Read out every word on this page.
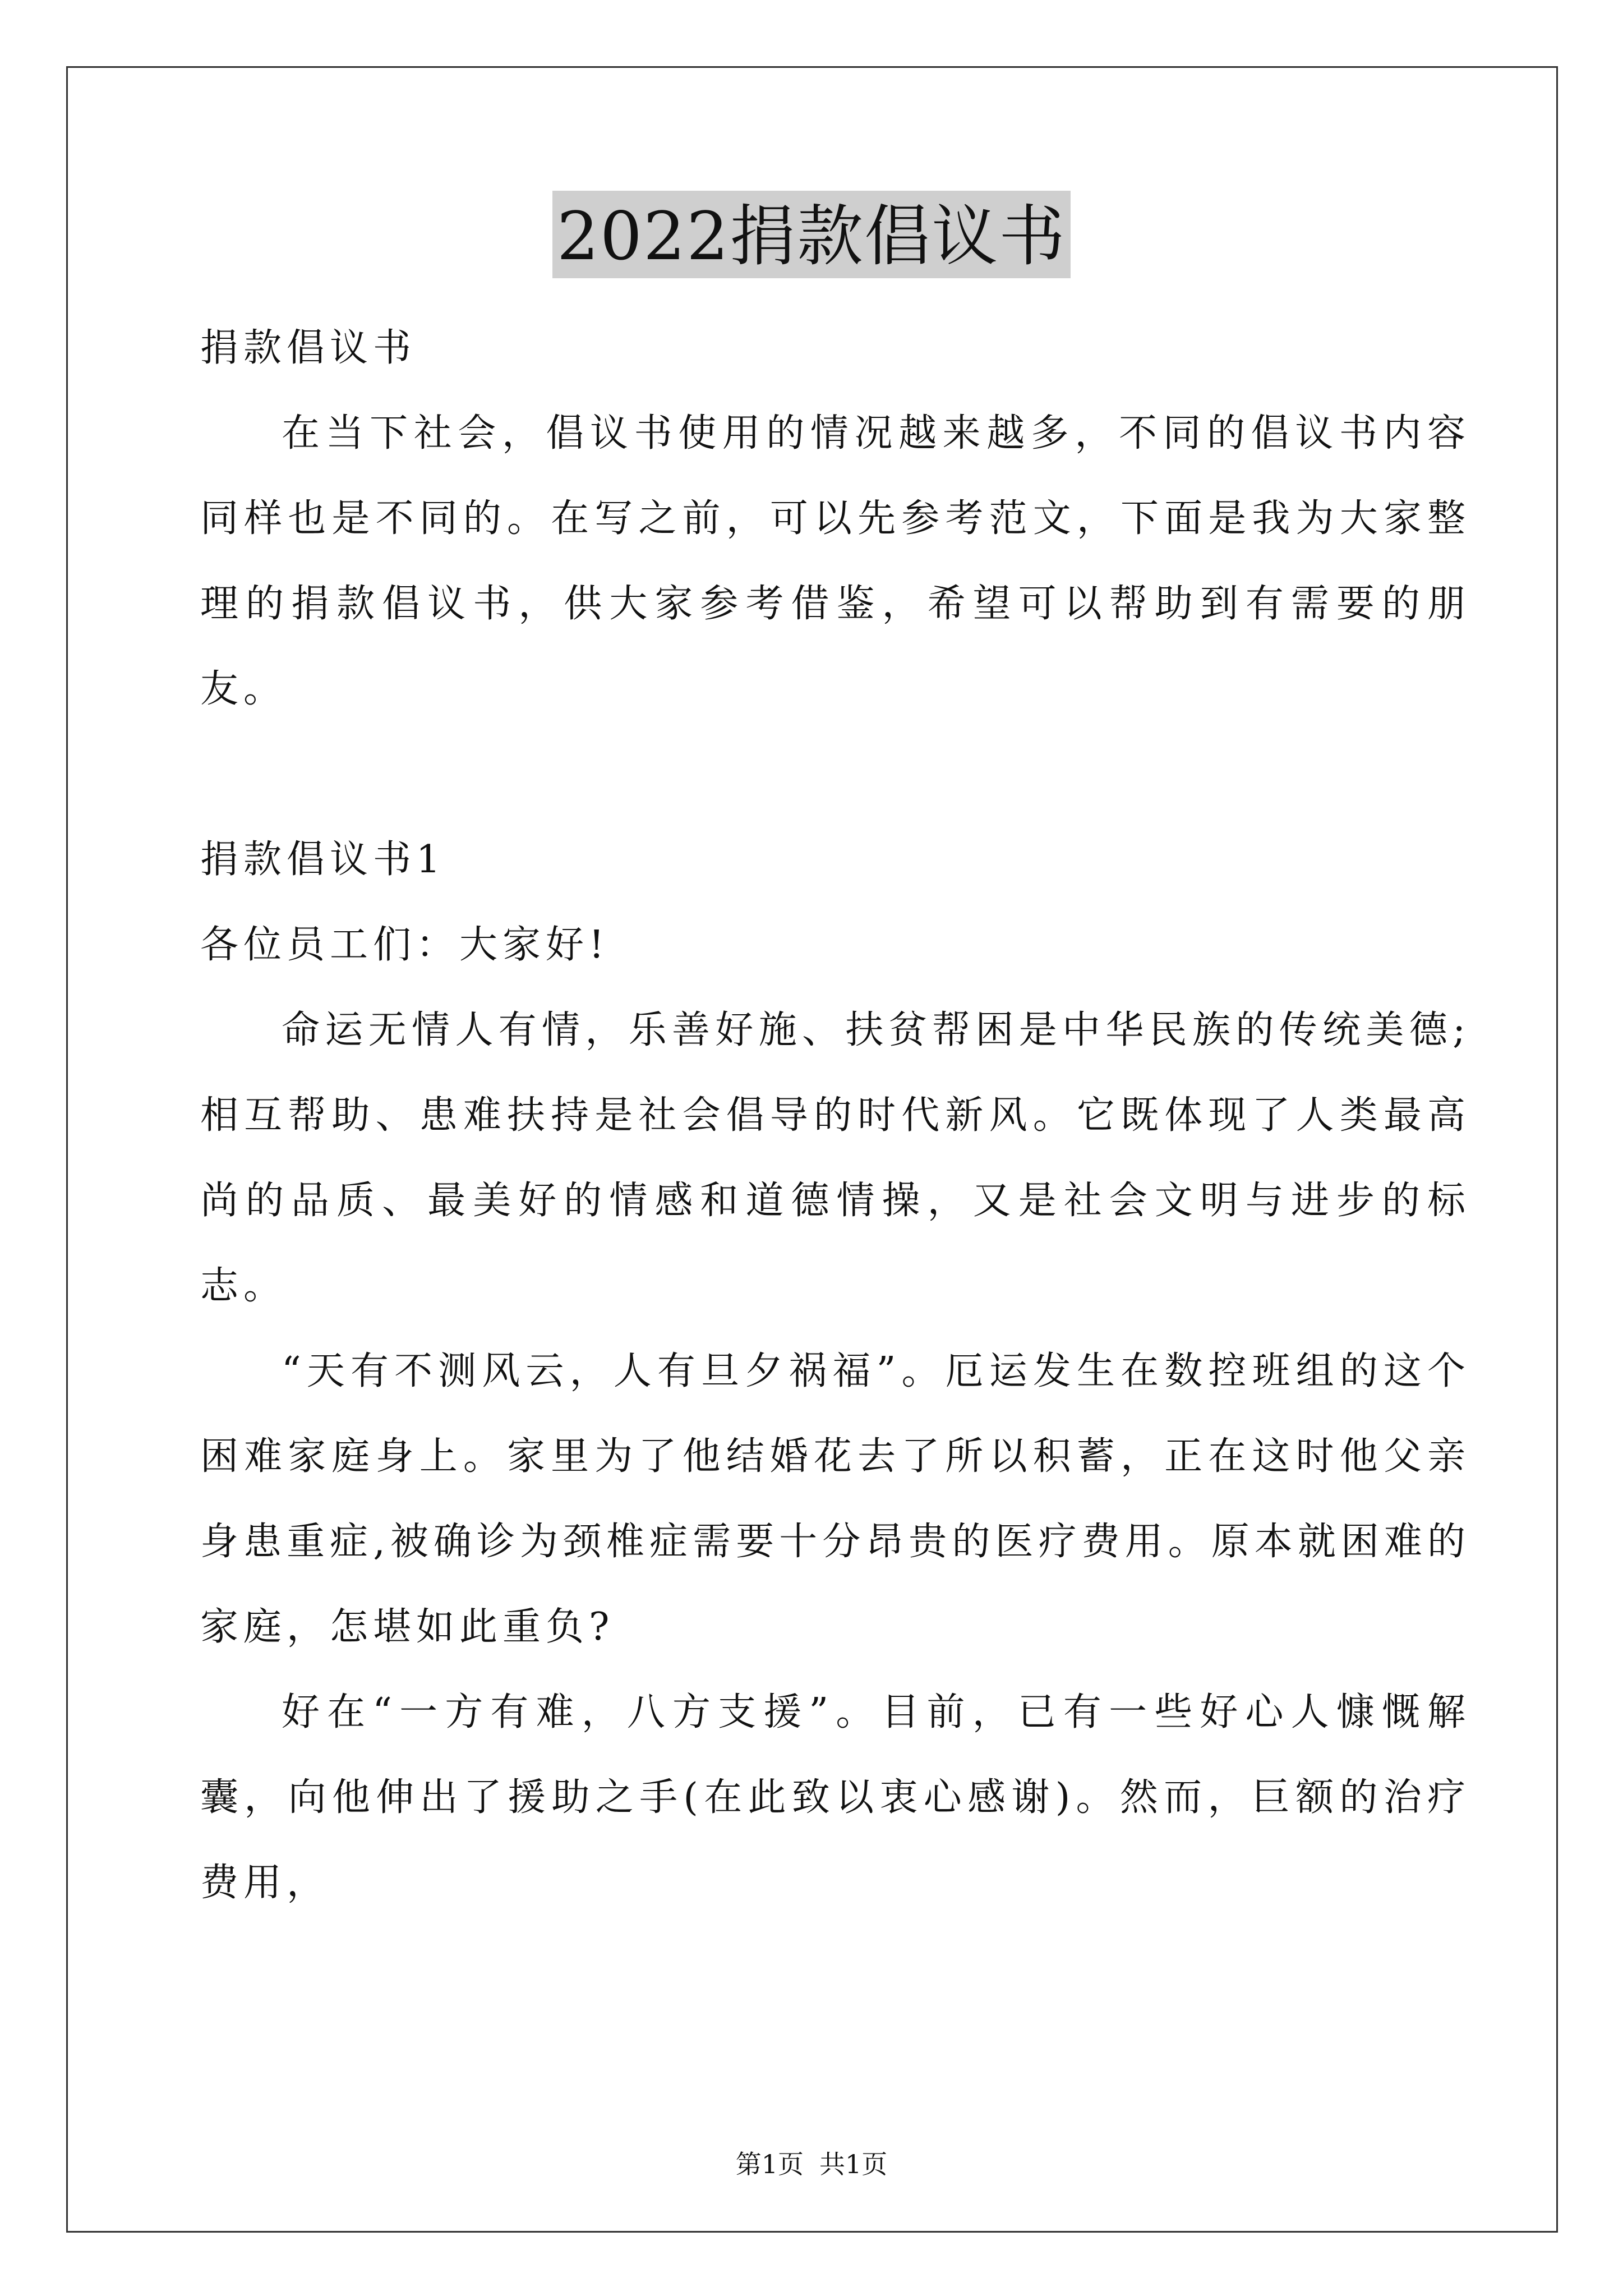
2022捐款倡议书
捐款倡议书
在当下社会，倡议书使用的情况越来越多，不同的倡议书内容同样也是不同的。在写之前，可以先参考范文，下面是我为大家整理的捐款倡议书，供大家参考借鉴，希望可以帮助到有需要的朋友。
捐款倡议书1
各位员工们：大家好!
命运无情人有情，乐善好施、扶贫帮困是中华民族的传统美德;相互帮助、患难扶持是社会倡导的时代新风。它既体现了人类最高尚的品质、最美好的情感和道德情操，又是社会文明与进步的标志。
“天有不测风云，人有旦夕祸福”。厄运发生在数控班组的这个困难家庭身上。家里为了他结婚花去了所以积蓄，正在这时他父亲身患重症,被确诊为颈椎症需要十分昂贵的医疗费用。原本就困难的家庭，怎堪如此重负?
好在“一方有难，八方支援”。目前，已有一些好心人慷慨解囊，向他伸出了援助之手(在此致以衷心感谢)。然而，巨额的治疗费用，
第1页 共1页
